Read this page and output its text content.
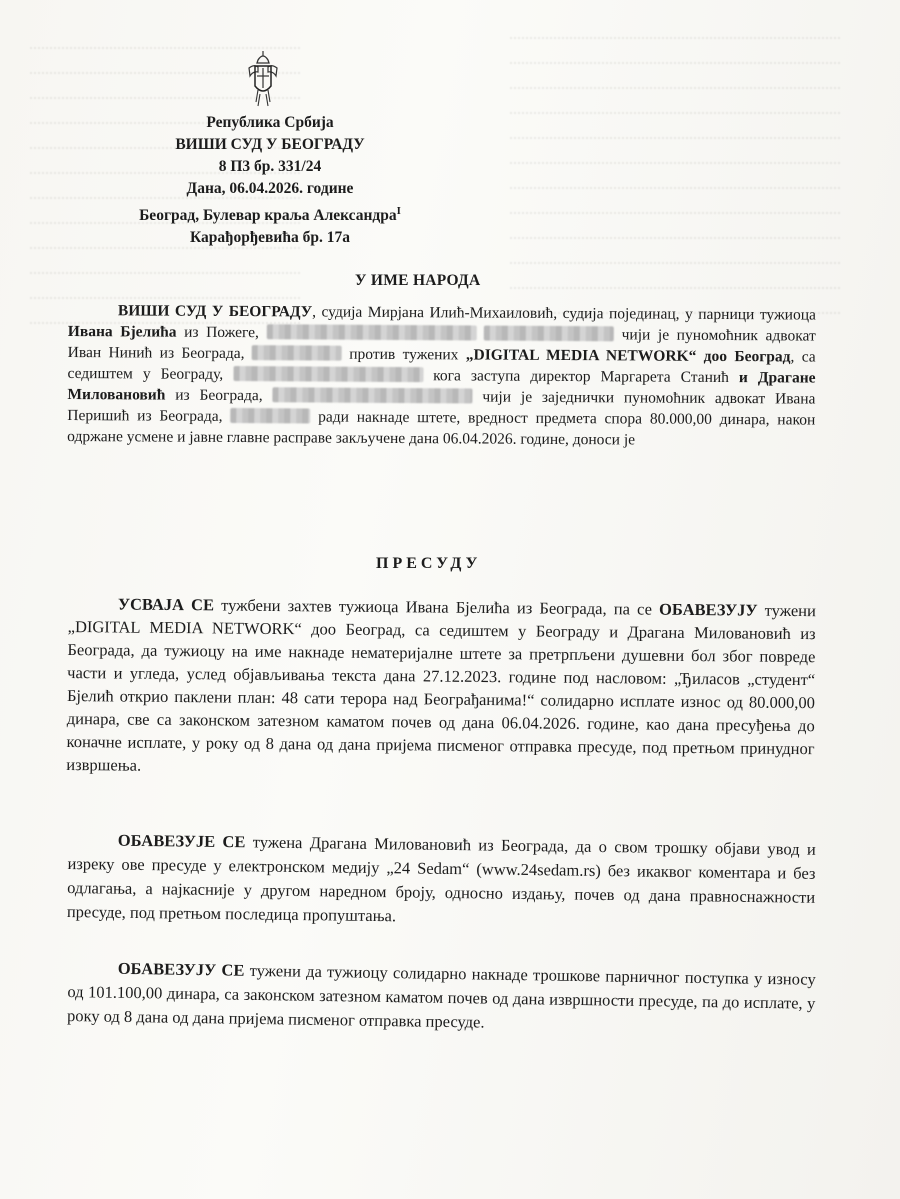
Република Србија
ВИШИ СУД У БЕОГРАДУ
8 П3 бр. 331/24
Дана, 06.04.2026. године
Београд, Булевар краља Александра$^I$
Карађорђевића бр. 17а
У ИМЕ НАРОДА
ВИШИ СУД У БЕОГРАДУ, судија Мирјана Илић-Михаиловић, судија појединац, у парници тужиоца Ивана Бјелића из Пожеге,	чији је пуномоћник адвокат Иван Нинић из Београда,	против тужених „DIGITAL MEDIA NETWORK“ доо Београд, са седиштем у Београду,	кога заступа директор Маргарета Станић и Драгане Миловановић из Београда,	чији је заједнички пуномоћник адвокат Ивана Перишић из Београда,	ради накнаде штете, вредност предмета спора 80.000,00 динара, након одржане усмене и јавне главне расправе закључене дана 06.04.2026. године, доноси је
ПРЕСУДУ
УСВАЈА СЕ тужбени захтев тужиоца Ивана Бјелића из Београда, па се ОБАВЕЗУЈУ тужени „DIGITAL MEDIA NETWORK“ доо Београд, са седиштем у Београду и Драгана Миловановић из Београда, да тужиоцу на име накнаде нематеријалне штете за претрпљени душевни бол због повреде части и угледа, услед објављивања текста дана 27.12.2023. године под насловом: „Ђиласов „студент“ Бјелић открио паклени план: 48 сати терора над Београђанима!“ солидарно исплате износ од 80.000,00 динара, све са законском затезном каматом почев од дана 06.04.2026. године, као дана пресуђења до коначне исплате, у року од 8 дана од дана пријема писменог отправка пресуде, под претњом принудног извршења.
ОБАВЕЗУЈЕ СЕ тужена Драгана Миловановић из Београда, да о свом трошку објави увод и изреку ове пресуде у електронском медију „24 Sedam“ (www.24sedam.rs) без икаквог коментара и без одлагања, а најкасније у другом наредном броју, односно издању, почев од дана правноснажности пресуде, под претњом последица пропуштања.
ОБАВЕЗУЈУ СЕ тужени да тужиоцу солидарно накнаде трошкове парничног поступка у износу од 101.100,00 динара, са законском затезном каматом почев од дана извршности пресуде, па до исплате, у року од 8 дана од дана пријема писменог отправка пресуде.
